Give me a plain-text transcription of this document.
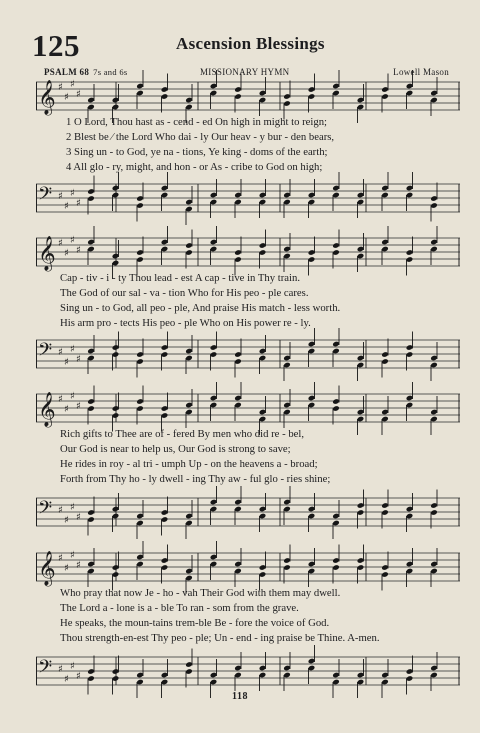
125	Ascension Blessings
PSALM 68 7s and 6s	MISSIONARY HYMN	Lowell Mason
𝄞 ♯
♯
♯
♯
𝄢 ♯
♯
♯
♯
1 O Lord, Thou hast as - cend - ed On high in might to reign;
2 Blest be ∕ the Lord Who dai - ly Our heav - y bur - den bears,
3 Sing un - to God, ye na - tions, Ye king - doms of the earth;
4 All glo - ry, might, and hon - or As - cribe to God on high;
𝄞 ♯
♯
♯
♯
𝄢 ♯
♯
♯
♯
Cap - tiv - i - ty Thou lead - est A cap - tive in Thy train.
The God of our sal - va - tion Who for His peo - ple cares.
Sing un - to God, all peo - ple, And praise His match - less worth.
His arm pro - tects His peo - ple Who on His power re - ly.
𝄞 ♯
♯
♯
♯
𝄢 ♯
♯
♯
♯
Rich gifts to Thee are of - fered By men who did re - bel,
Our God is near to help us, Our God is strong to save;
He rides in roy - al tri - umph Up - on the heavens a - broad;
Forth from Thy ho - ly dwell - ing Thy aw - ful glo - ries shine;
𝄞 ♯
♯
♯
♯
𝄢 ♯
♯
♯
♯
Who pray that now Je - ho - vah Their God with them may dwell.
The Lord a - lone is a - ble To ran - som from the grave.
He speaks, the moun-tains trem-ble Be - fore the voice of God.
Thou strength-en-est Thy peo - ple; Un - end - ing praise be Thine. A-men.
118
